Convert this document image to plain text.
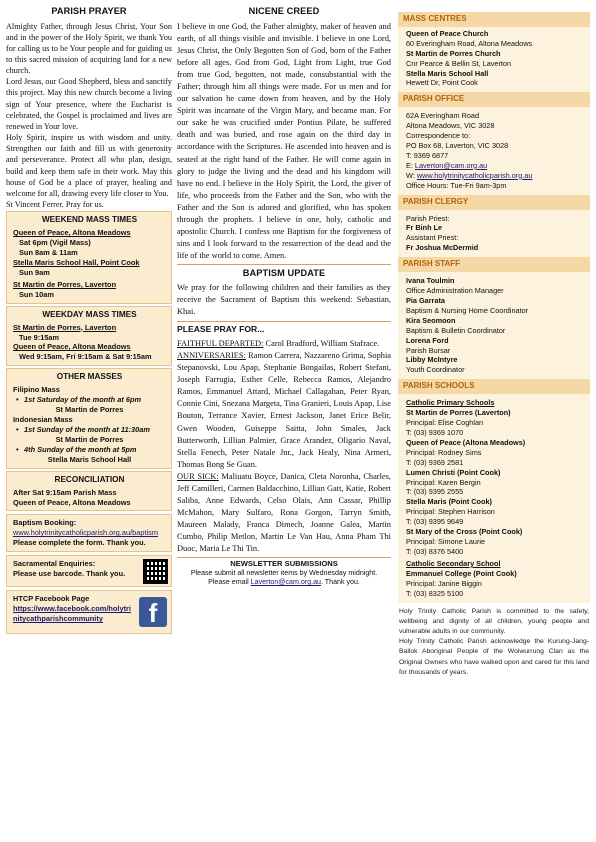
PARISH PRAYER
Almighty Father, through Jesus Christ, Your Son and in the power of the Holy Spirit, we thank You for calling us to be Your people and for guiding us to this sacred mission of acquiring land for a new church.
Lord Jesus, our Good Shepherd, bless and sanctify this project. May this new church become a living sign of Your presence, where the Eucharist is celebrated, the Gospel is proclaimed and lives are renewed in Your love.
Holy Spirit, inspire us with wisdom and unity. Strengthen our faith and fill us with generosity and perseverance. Protect all who plan, design, build and keep them safe in their work. May this house of God be a place of prayer, healing and welcome for all, drawing every life closer to You.
St Vincent Ferrer. Pray for us.
WEEKEND MASS TIMES
Queen of Peace, Altona Meadows
Sat 6pm (Vigil Mass)
Sun 8am & 11am
Stella Maris School Hall, Point Cook
Sun 9am
St Martin de Porres, Laverton
Sun 10am
WEEKDAY MASS TIMES
St Martin de Porres, Laverton
Tue 9:15am
Queen of Peace, Altona Meadows
Wed 9:15am, Fri 9:15am & Sat 9:15am
OTHER MASSES
Filipino Mass
• 1st Saturday of the month at 6pm
St Martin de Porres
Indonesian Mass
• 1st Sunday of the month at 11:30am
St Martin de Porres
• 4th Sunday of the month at 5pm
Stella Maris School Hall
RECONCILIATION
After Sat 9:15am Parish Mass
Queen of Peace, Altona Meadows
Baptism Booking:
www.holytrinitycatholicparish.org.au/baptism
Please complete the form. Thank you.
Sacramental Enquiries:
Please use barcode. Thank you.
HTCP Facebook Page
https://www.facebook.com/holytrinitycathparishcommunity	f
NICENE CREED
I believe in one God, the Father almighty, maker of heaven and earth, of all things visible and invisible. I believe in one Lord, Jesus Christ, the Only Begotten Son of God, born of the Father before all ages. God from God, Light from Light, true God from true God, begotten, not made, consubstantial with the Father; through him all things were made. For us men and for our salvation he came down from heaven, and by the Holy Spirit was incarnate of the Virgin Mary, and became man. For our sake he was crucified under Pontius Pilate, he suffered death and was buried, and rose again on the third day in accordance with the Scriptures. He ascended into heaven and is seated at the right hand of the Father. He will come again in glory to judge the living and the dead and his kingdom will have no end. I believe in the Holy Spirit, the Lord, the giver of life, who proceeds from the Father and the Son, who with the Father and the Son is adored and glorified, who has spoken through the prophets. I believe in one, holy, catholic and apostolic Church. I confess one Baptism for the forgiveness of sins and I look forward to the resurrection of the dead and the life of the world to come. Amen.
BAPTISM UPDATE
We pray for the following children and their families as they receive the Sacrament of Baptism this weekend: Sebastian, Khai.
PLEASE PRAY FOR...
FAITHFUL DEPARTED: Carol Bradford, William Stafrace.
ANNIVERSARIES: Ramon Carrera, Nazzareno Grima, Sophia Stepanovski, Lou Apap, Stephanie Bongailas, Robert Stefani, Joseph Farrugia, Esther Celle, Rebecca Ramos, Alejandro Ramos, Emmanuel Attard, Michael Callagahan, Peter Ryan, Connie Cini, Snezana Margeta, Tina Granieri, Louis Apap, Lise Bouton, Terrance Xavier, Ernest Jackson, Janet Erice Belir, Gwen Wooden, Guiseppe Saitta, John Smales, Jack Butterworth, Lillian Palmier, Grace Arandez, Oligario Naval, Stella Fenech, Peter Natale Jnr., Jack Healy, Nina Armeri, Thomas Bong Se Guan.
OUR SICK: Maliuatu Boyce, Danica, Cleta Noronha, Charles, Jeff Camilleri, Carmen Baldacchino, Lillian Gatt, Katie, Robert Saliba, Anne Edwards, Celso Olais, Ann Cassar, Phillip McMahon, Mary Sulfaro, Rona Gorgon, Tarryn Smith, Maureen Malady, Franca Dimech, Joanne Galea, Martin Cumbo, Philip Metlon, Martin Le Van Hau, Anna Pham Thi Duoc, Maria Le Thi Tin.
NEWSLETTER SUBMISSIONS
Please submit all newsletter items by Wednesday midnight.
Please email Laverton@cam.org.au. Thank you.
MASS CENTRES
Queen of Peace Church
60 Everingham Road, Altona Meadows
St Martin de Porres Church
Cnr Pearce & Bellin St, Laverton
Stella Maris School Hall
Hewett Dr, Point Cook
PARISH OFFICE
62A Everingham Road
Altona Meadows, VIC 3028
Correspondence to:
PO Box 68, Laverton, VIC 3028
T: 9369 6877
E: Laverton@cam.org.au
W: www.holytrinitycatholicparish.org.au
Office Hours: Tue-Fri 9am-3pm
PARISH CLERGY
Parish Priest:
Fr Binh Le
Assistant Priest:
Fr Joshua McDermid
PARISH STAFF
Ivana Toulmin
Office Administration Manager
Pia Garrata
Baptism & Nursing Home Coordinator
Kira Seomoon
Baptism & Bulletin Coordinator
Lorena Ford
Parish Bursar
Libby McIntyre
Youth Coordinator
PARISH SCHOOLS
Catholic Primary Schools
St Martin de Porres (Laverton)
Principal: Elise Coghlan
T: (03) 9369 1070
Queen of Peace (Altona Meadows)
Principal: Rodney Sims
T: (03) 9369 2581
Lumen Christi (Point Cook)
Principal: Karen Bergin
T: (03) 9395 2555
Stella Maris (Point Cook)
Principal: Stephen Harrison
T: (03) 9395 9649
St Mary of the Cross (Point Cook)
Principal: Simone Laurie
T: (03) 8376 5400
Catholic Secondary School
Emmanuel College (Point Cook)
Principal: Janine Biggin
T: (03) 8325 5100
Holy Trinity Catholic Parish is committed to the safety, wellbeing and dignity of all children, young people and vulnerable adults in our community.
Holy Trinity Catholic Parish acknowledge the Kurung-Jang-Ballok Aboriginal People of the Woiwurrung Clan as the Original Owners who have walked upon and cared for this land for thousands of years.
